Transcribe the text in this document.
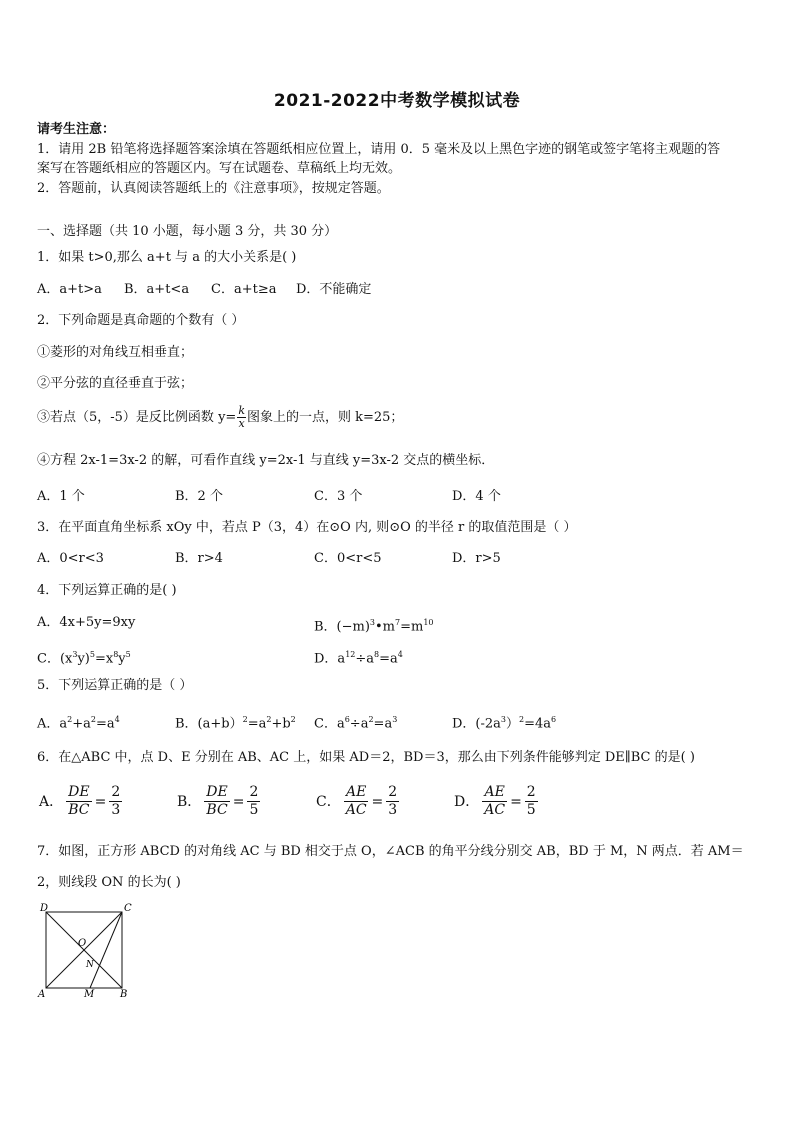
2021-2022中考数学模拟试卷
请考生注意：
1．请用 2B 铅笔将选择题答案涂填在答题纸相应位置上，请用 0．5 毫米及以上黑色字迹的钢笔或签字笔将主观题的答
案写在答题纸相应的答题区内。写在试题卷、草稿纸上均无效。
2．答题前，认真阅读答题纸上的《注意事项》，按规定答题。
一、选择题（共 10 小题，每小题 3 分，共 30 分）
1．如果 t>0,那么 a+t 与 a 的大小关系是( )
A．a+t>a B．a+t<a C．a+t≥a D．不能确定
2．下列命题是真命题的个数有（ ）
①菱形的对角线互相垂直；
②平分弦的直径垂直于弦；
③若点（5，-5）是反比例函数 $y= \frac{k}{x}$ 图象上的一点，则 k=25；
④方程 2x-1=3x-2 的解，可看作直线 y=2x-1 与直线 y=3x-2 交点的横坐标．
A．1 个	B．2 个	C．3 个	D．4 个
3．在平面直角坐标系 xOy 中，若点 P（3，4）在⊙O 内, 则⊙O 的半径 r 的取值范围是（ ）
A．0<r<3	B．r>4	C．0<r<5	D．r>5
4．下列运算正确的是( )
A．4x+5y=9xy	B．$(-m)^3•m^7=m^{10}$
C．$(x^3y)^5=x^8y^5$	D．$a^{12}\div a^8=a^4$
5．下列运算正确的是（ ）
A．$a^2+a^2=a^4$	B．$(a+b)^2=a^2+b^2$ C．$a^6\div a^2=a^3$	D．$(-2a^3)^2=4a^6$
6．在△ABC 中，点 D、E 分别在 AB、AC 上，如果 AD＝2，BD＝3，那么由下列条件能够判定 DE∥BC 的是( )
A． $\frac{DE}{BC} = \frac{2}{3}$	B． $\frac{DE}{BC} = \frac{2}{5}$	C． $\frac{AE}{AC} = \frac{2}{3}$	D． $\frac{AE}{AC} = \frac{2}{5}$
7．如图，正方形 ABCD 的对角线 AC 与 BD 相交于点 O，∠ACB 的角平分线分别交 AB，BD 于 M，N 两点．若 AM＝
2，则线段 ON 的长为( )
D	C
O
N
A	M	B
